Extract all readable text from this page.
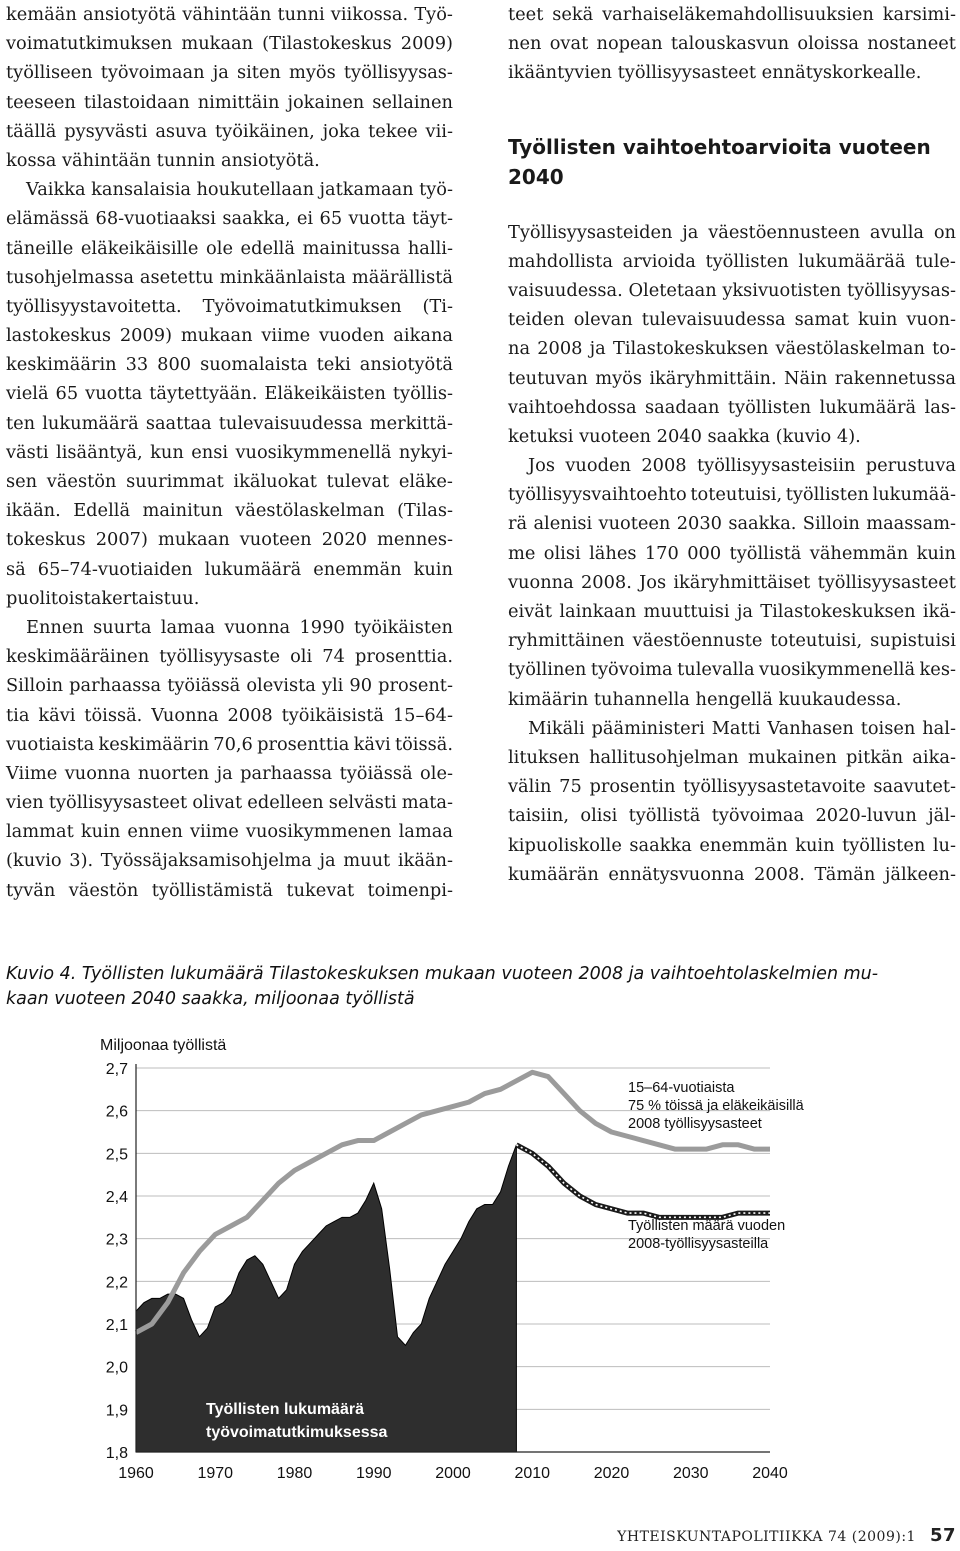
kemään ansiotyötä vähintään tunni viikossa. Työ-
voimatutkimuksen mukaan (Tilastokeskus 2009)
työlliseen työvoimaan ja siten myös työllisyysas-
teeseen tilastoidaan nimittäin jokainen sellainen
täällä pysyvästi asuva työikäinen, joka tekee vii-
kossa vähintään tunnin ansiotyötä.
Vaikka kansalaisia houkutellaan jatkamaan työ-
elämässä 68-vuotiaaksi saakka, ei 65 vuotta täyt-
täneille eläkeikäisille ole edellä mainitussa halli-
tusohjelmassa asetettu minkäänlaista määrällistä
työllisyystavoitetta. Työvoimatutkimuksen (Ti-
lastokeskus 2009) mukaan viime vuoden aikana
keskimäärin 33 800 suomalaista teki ansiotyötä
vielä 65 vuotta täytettyään. Eläkeikäisten työllis-
ten lukumäärä saattaa tulevaisuudessa merkittä-
västi lisääntyä, kun ensi vuosikymmenellä nykyi-
sen väestön suurimmat ikäluokat tulevat eläke-
ikään. Edellä mainitun väestölaskelman (Tilas-
tokeskus 2007) mukaan vuoteen 2020 mennes-
sä 65–74-vuotiaiden lukumäärä enemmän kuin
puolitoistakertaistuu.
Ennen suurta lamaa vuonna 1990 työikäisten
keskimääräinen työllisyysaste oli 74 prosenttia.
Silloin parhaassa työiässä olevista yli 90 prosent-
tia kävi töissä. Vuonna 2008 työikäisistä 15–64-
vuotiaista keskimäärin 70,6 prosenttia kävi töissä.
Viime vuonna nuorten ja parhaassa työiässä ole-
vien työllisyysasteet olivat edelleen selvästi mata-
lammat kuin ennen viime vuosikymmenen lamaa
(kuvio 3). Työssäjaksamisohjelma ja muut ikään-
tyvän väestön työllistämistä tukevat toimenpi-
teet sekä varhaiseläkemahdollisuuksien karsimi-
nen ovat nopean talouskasvun oloissa nostaneet
ikääntyvien työllisyysasteet ennätyskorkealle.
Työllisten vaihtoehtoarvioita vuoteen
2040
Työllisyysasteiden ja väestöennusteen avulla on
mahdollista arvioida työllisten lukumäärää tule-
vaisuudessa. Oletetaan yksivuotisten työllisyysas-
teiden olevan tulevaisuudessa samat kuin vuon-
na 2008 ja Tilastokeskuksen väestölaskelman to-
teutuvan myös ikäryhmittäin. Näin rakennetussa
vaihtoehdossa saadaan työllisten lukumäärä las-
ketuksi vuoteen 2040 saakka (kuvio 4).
Jos vuoden 2008 työllisyysasteisiin perustuva
työllisyysvaihtoehto toteutuisi, työllisten lukumää-
rä alenisi vuoteen 2030 saakka. Silloin maassam-
me olisi lähes 170 000 työllistä vähemmän kuin
vuonna 2008. Jos ikäryhmittäiset työllisyysasteet
eivät lainkaan muuttuisi ja Tilastokeskuksen ikä-
ryhmittäinen väestöennuste toteutuisi, supistuisi
työllinen työvoima tulevalla vuosikymmenellä kes-
kimäärin tuhannella hengellä kuukaudessa.
Mikäli pääministeri Matti Vanhasen toisen hal-
lituksen hallitusohjelman mukainen pitkän aika-
välin 75 prosentin työllisyysastetavoite saavutet-
taisiin, olisi työllistä työvoimaa 2020-luvun jäl-
kipuoliskolle saakka enemmän kuin työllisten lu-
kumäärän ennätysvuonna 2008. Tämän jälkeen-
Kuvio 4. Työllisten lukumäärä Tilastokeskuksen mukaan vuoteen 2008 ja vaihtoehtolaskelmien mu-
kaan vuoteen 2040 saakka, miljoonaa työllistä
2,7
2,6
2,5
2,4
2,3
2,2
2,1
2,0
1,9
1,8
1960	1970	1980	1990	2000	2010	2020	2030	2040
Miljoonaa työllistä
Työllisten lukumäärä
työvoimatutkimuksessa
15–64-vuotiaista
75 % töissä ja eläkeikäisillä
2008 työllisyysasteet
Työllisten määrä vuoden
2008-työllisyysasteilla
YHTEISKUNTAPOLITIIKKA 74 (2009):1 57
